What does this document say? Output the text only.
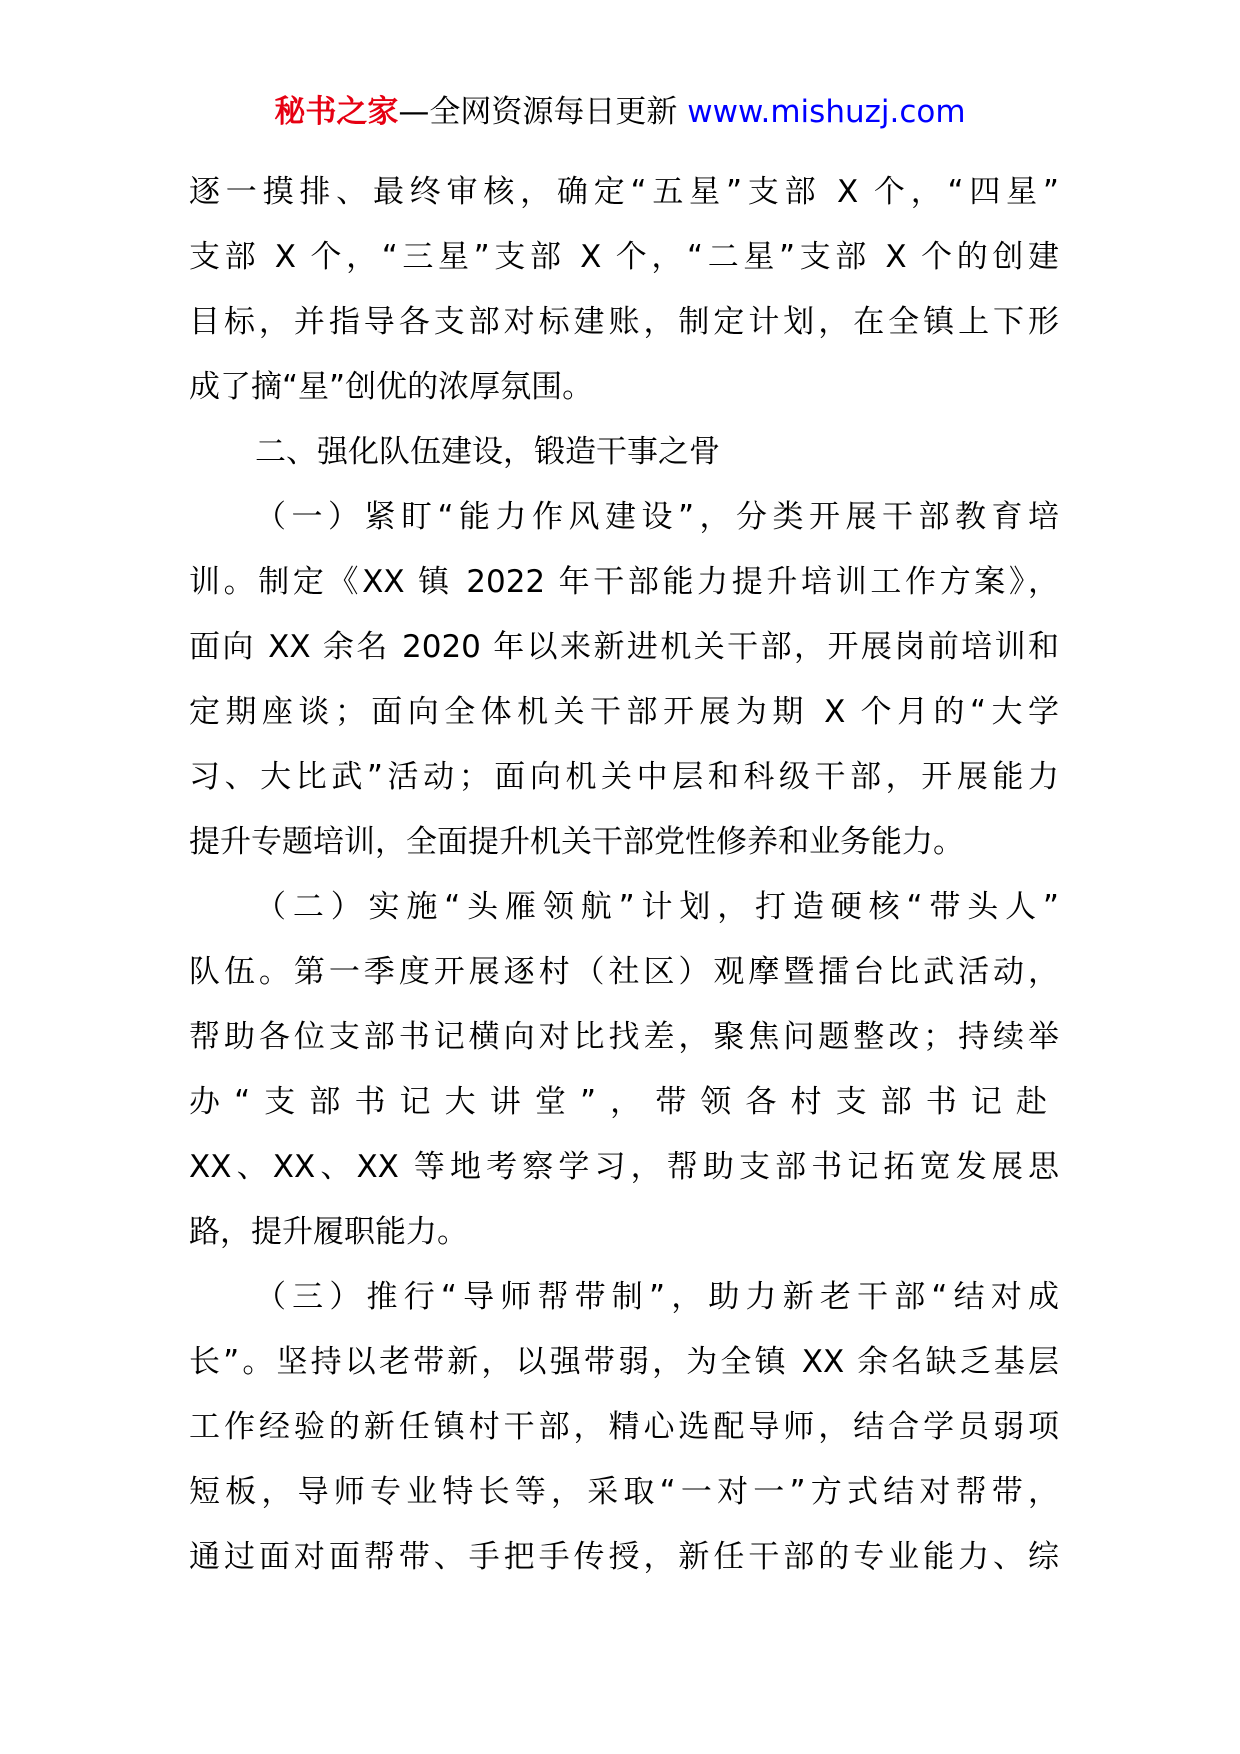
秘书之家—全网资源每日更新 www.mishuzj.com
逐一摸排、最终审核，确定“五星”支部 X 个，“四星”
支部 X 个，“三星”支部 X 个，“二星”支部 X 个的创建
目标，并指导各支部对标建账，制定计划，在全镇上下形
成了摘“星”创优的浓厚氛围。
二、强化队伍建设，锻造干事之骨
（一）紧盯“能力作风建设”，分类开展干部教育培
训。制定《XX 镇 2022 年干部能力提升培训工作方案》，
面向 XX 余名 2020 年以来新进机关干部，开展岗前培训和
定期座谈；面向全体机关干部开展为期 X 个月的“大学
习、大比武”活动；面向机关中层和科级干部，开展能力
提升专题培训，全面提升机关干部党性修养和业务能力。
（二）实施“头雁领航”计划，打造硬核“带头人”
队伍。第一季度开展逐村（社区）观摩暨擂台比武活动，
帮助各位支部书记横向对比找差，聚焦问题整改；持续举
办“支部书记大讲堂”，带领各村支部书记赴
XX、XX、XX 等地考察学习，帮助支部书记拓宽发展思
路，提升履职能力。
（三）推行“导师帮带制”，助力新老干部“结对成
长”。坚持以老带新，以强带弱，为全镇 XX 余名缺乏基层
工作经验的新任镇村干部，精心选配导师，结合学员弱项
短板，导师专业特长等，采取“一对一”方式结对帮带，
通过面对面帮带、手把手传授，新任干部的专业能力、综
